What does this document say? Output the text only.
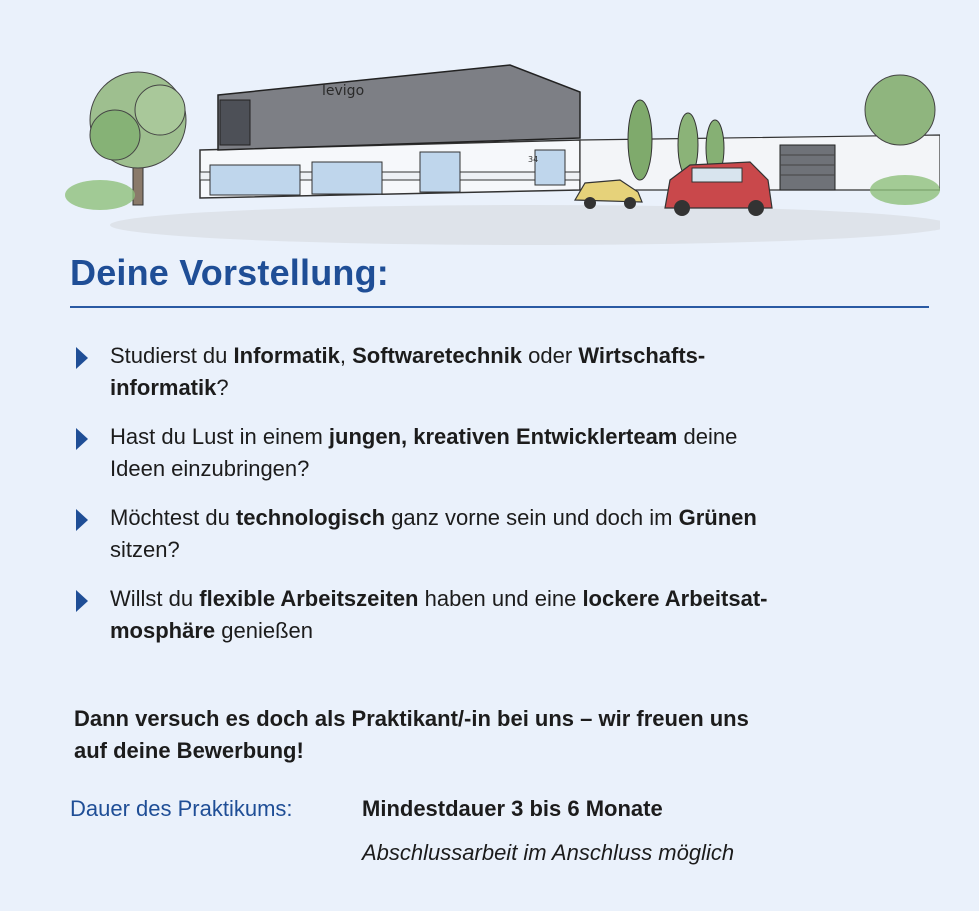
levigo
34
Deine Vorstellung:
Studierst du Informatik, Softwaretechnik oder Wirtschafts-
informatik?
Hast du Lust in einem jungen, kreativen Entwicklerteam deine
Ideen einzubringen?
Möchtest du technologisch ganz vorne sein und doch im Grünen
sitzen?
Willst du flexible Arbeitszeiten haben und eine lockere Arbeitsat-
mosphäre genießen
Dann versuch es doch als Praktikant/-in bei uns – wir freuen uns
auf deine Bewerbung!
Dauer des Praktikums:	Mindestdauer 3 bis 6 Monate
Abschlussarbeit im Anschluss möglich
